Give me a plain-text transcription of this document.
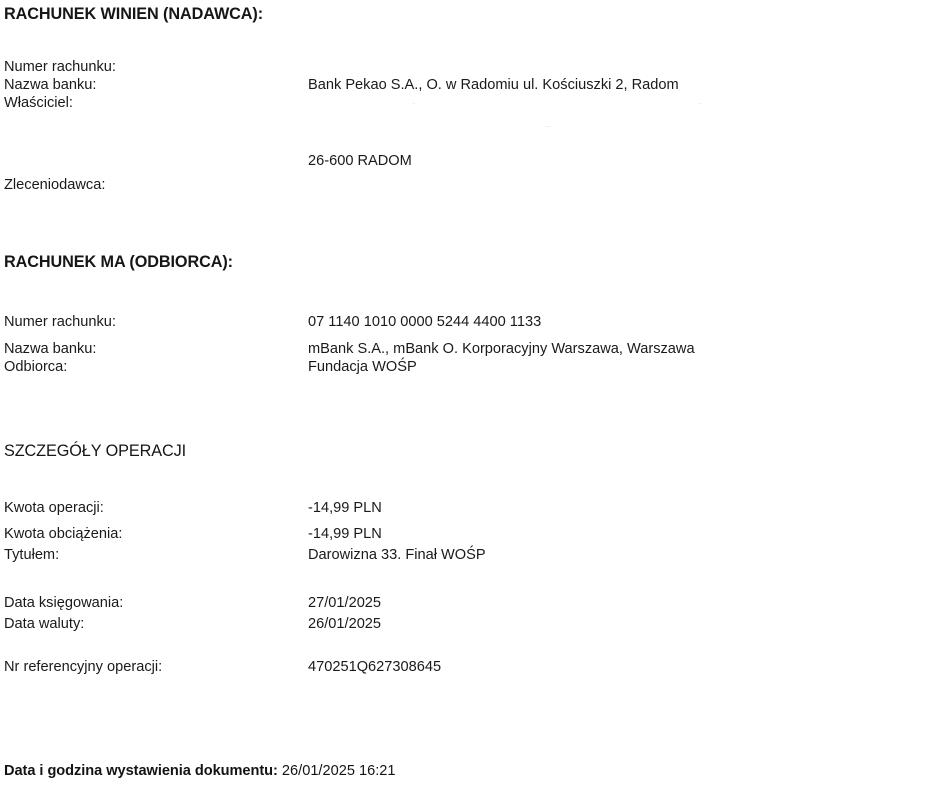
RACHUNEK WINIEN (NADAWCA):
Numer rachunku:
Nazwa banku:	Bank Pekao S.A., O. w Radomiu ul. Kościuszki 2, Radom
Właściciel:
26-600 RADOM
Zleceniodawca:
RACHUNEK MA (ODBIORCA):
Numer rachunku:	07 1140 1010 0000 5244 4400 1133
Nazwa banku:	mBank S.A., mBank O. Korporacyjny Warszawa, Warszawa
Odbiorca:	Fundacja WOŚP
SZCZEGÓŁY OPERACJI
Kwota operacji:	-14,99 PLN
Kwota obciążenia:	-14,99 PLN
Tytułem:	Darowizna 33. Finał WOŚP
Data księgowania:	27/01/2025
Data waluty:	26/01/2025
Nr referencyjny operacji:	470251Q627308645
Data i godzina wystawienia dokumentu: 26/01/2025 16:21
